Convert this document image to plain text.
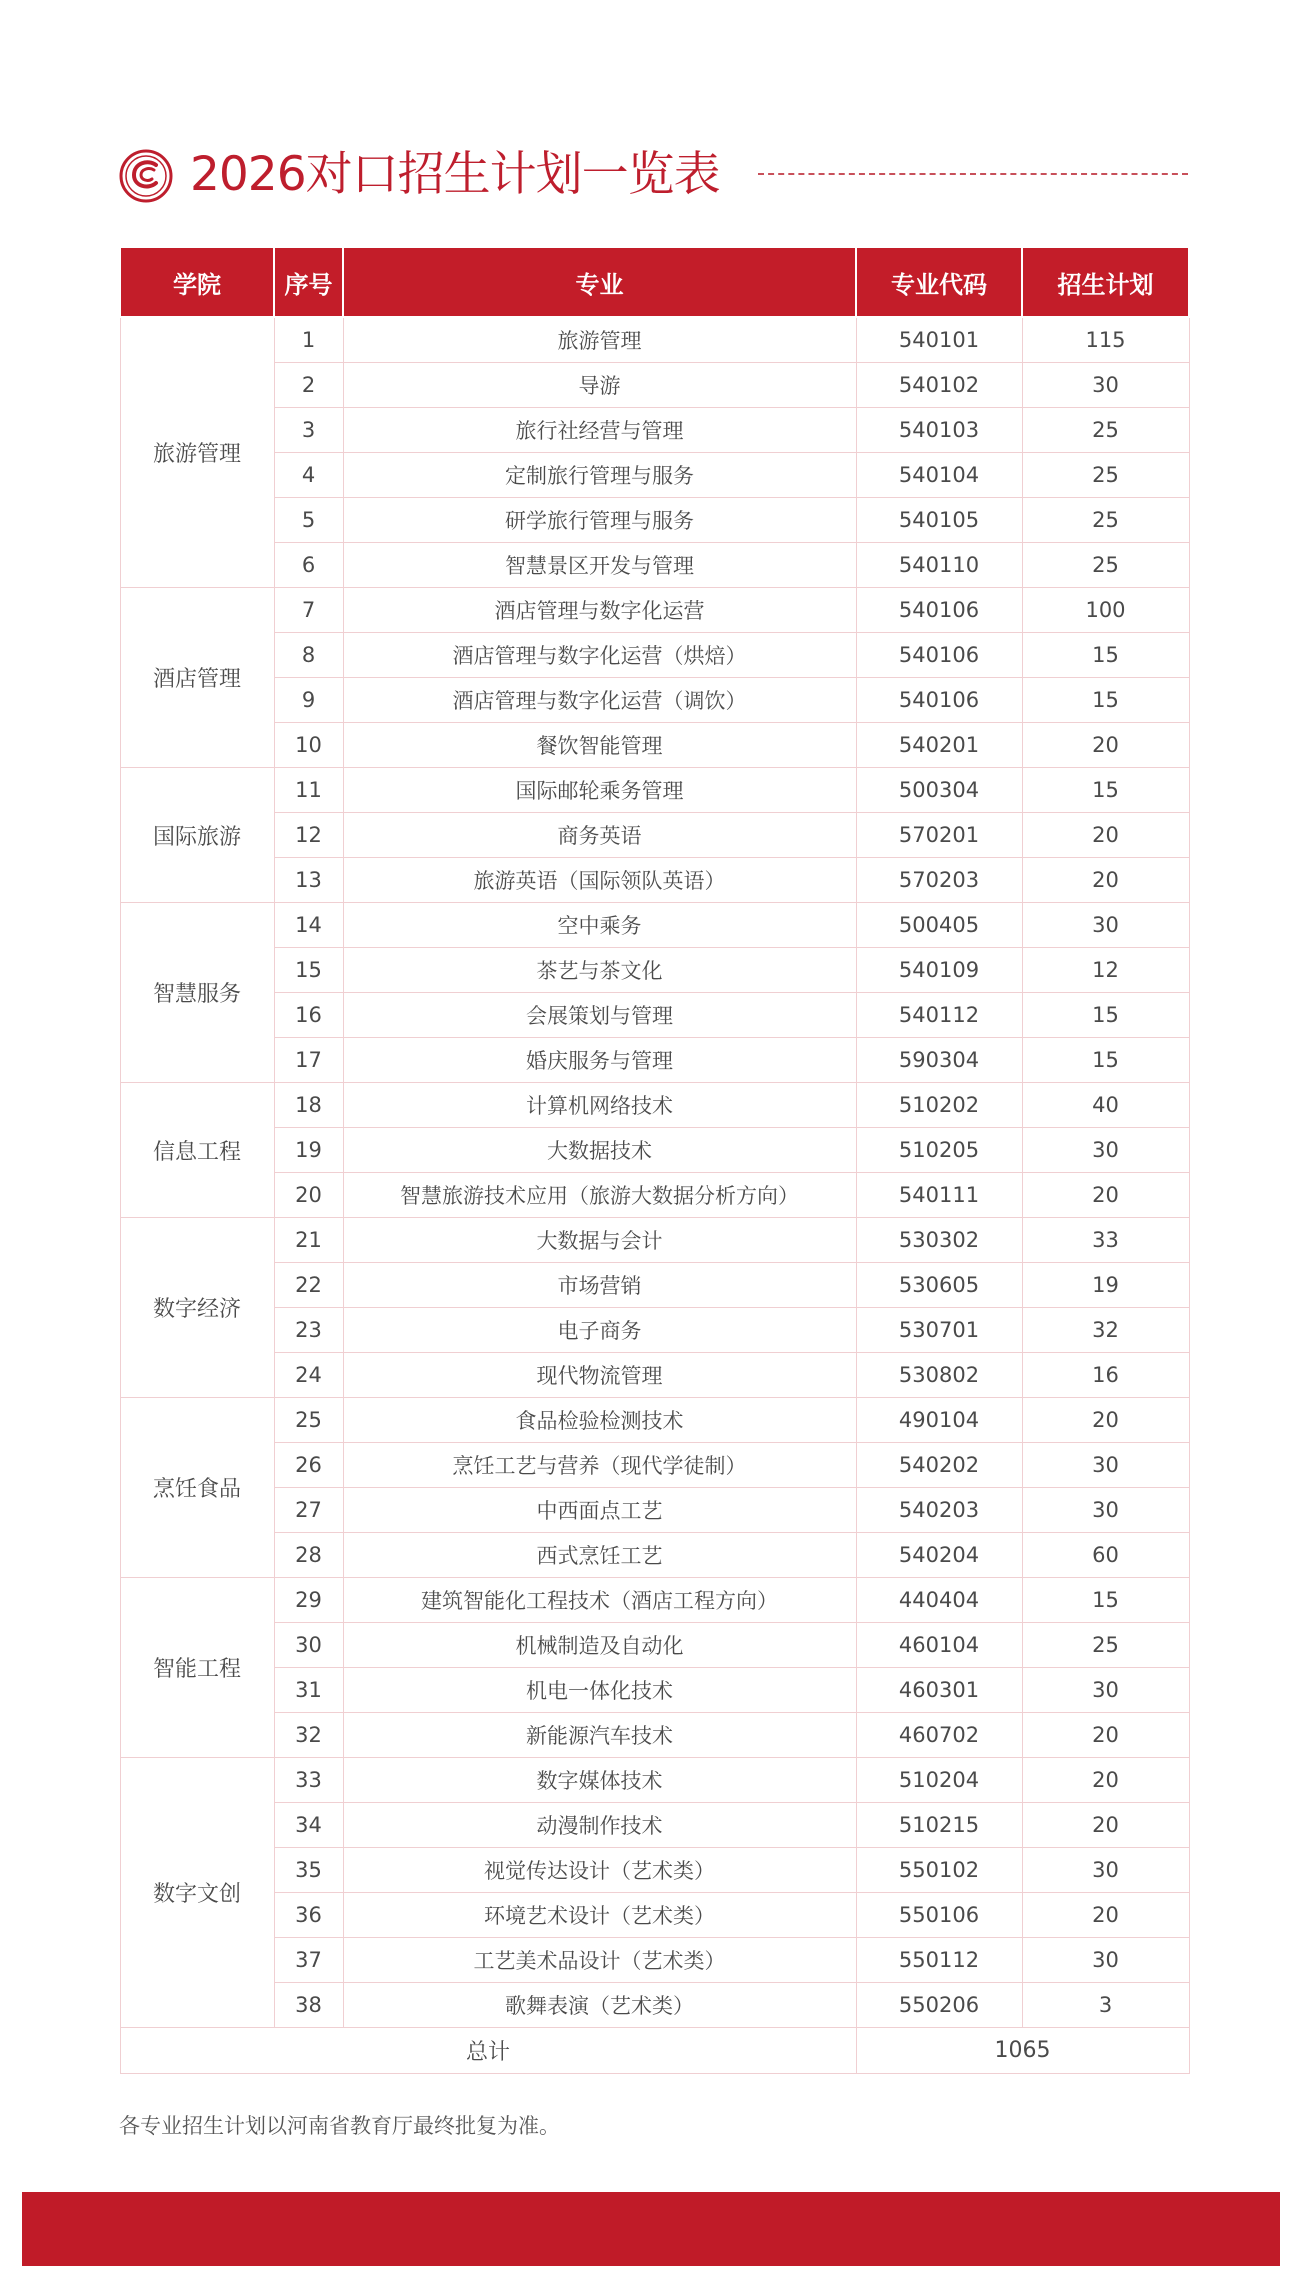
2026对口招生计划一览表
学院	序号	专业	专业代码	招生计划
旅游管理	1	旅游管理	540101	115
	2	导游	540102	30
	3	旅行社经营与管理	540103	25
	4	定制旅行管理与服务	540104	25
	5	研学旅行管理与服务	540105	25
	6	智慧景区开发与管理	540110	25
酒店管理	7	酒店管理与数字化运营	540106	100
	8	酒店管理与数字化运营（烘焙）	540106	15
	9	酒店管理与数字化运营（调饮）	540106	15
	10	餐饮智能管理	540201	20
国际旅游	11	国际邮轮乘务管理	500304	15
	12	商务英语	570201	20
	13	旅游英语（国际领队英语）	570203	20
智慧服务	14	空中乘务	500405	30
	15	茶艺与茶文化	540109	12
	16	会展策划与管理	540112	15
	17	婚庆服务与管理	590304	15
信息工程	18	计算机网络技术	510202	40
	19	大数据技术	510205	30
	20	智慧旅游技术应用（旅游大数据分析方向）	540111	20
数字经济	21	大数据与会计	530302	33
	22	市场营销	530605	19
	23	电子商务	530701	32
	24	现代物流管理	530802	16
烹饪食品	25	食品检验检测技术	490104	20
	26	烹饪工艺与营养（现代学徒制）	540202	30
	27	中西面点工艺	540203	30
	28	西式烹饪工艺	540204	60
智能工程	29	建筑智能化工程技术（酒店工程方向）	440404	15
	30	机械制造及自动化	460104	25
	31	机电一体化技术	460301	30
	32	新能源汽车技术	460702	20
数字文创	33	数字媒体技术	510204	20
	34	动漫制作技术	510215	20
	35	视觉传达设计（艺术类）	550102	30
	36	环境艺术设计（艺术类）	550106	20
	37	工艺美术品设计（艺术类）	550112	30
	38	歌舞表演（艺术类）	550206	3
总计			1065	
各专业招生计划以河南省教育厅最终批复为准。
